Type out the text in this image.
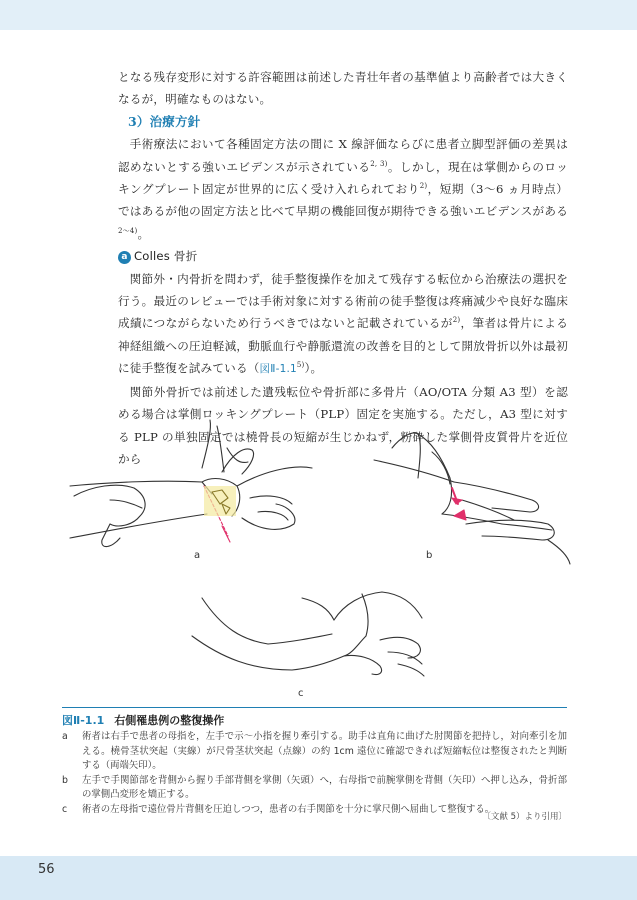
となる残存変形に対する許容範囲は前述した青壮年者の基準値より高齢者では大きくなるが，明確なものはない。

3）治療方針

手術療法において各種固定方法の間に X 線評価ならびに患者立脚型評価の差異は認めないとする強いエビデンスが示されている$^{2, 3)}$。しかし，現在は掌側からのロッキングプレート固定が世界的に広く受け入れられており$^{2)}$，短期（3〜6 ヵ月時点）ではあるが他の固定方法と比べて早期の機能回復が期待できる強いエビデンスがある$^{2〜4)}$。

a Colles 骨折

関節外・内骨折を問わず，徒手整復操作を加えて残存する転位から治療法の選択を行う。最近のレビューでは手術対象に対する術前の徒手整復は疼痛減少や良好な臨床成績につながらないため行うべきではないと記載されているが$^{2)}$，筆者は骨片による神経組織への圧迫軽減，動脈血行や静脈還流の改善を目的として開放骨折以外は最初に徒手整復を試みている（図Ⅱ-1.1$^{5)}$）。

関節外骨折では前述した遺残転位や骨折部に多骨片（AO/OTA 分類 A3 型）を認める場合は掌側ロッキングプレート（PLP）固定を実施する。ただし，A3 型に対する PLP の単独固定では橈骨長の短縮が生じかねず，粉砕した掌側骨皮質骨片を近位から

a	b
c
図Ⅱ-1.1 右側罹患例の整復操作
a	術者は右手で患者の母指を，左手で示〜小指を握り牽引する。助手は直角に曲げた肘関節を把持し，対向牽引を加える。橈骨茎状突起（実線）が尺骨茎状突起（点線）の約 1cm 遠位に確認できれば短縮転位は整復されたと判断する（両端矢印）。
b	左手で手関節部を背側から握り手部背側を掌側（矢頭）へ，右母指で前腕掌側を背側（矢印）へ押し込み，骨折部の掌側凸変形を矯正する。
c	術者の左母指で遠位骨片背側を圧迫しつつ，患者の右手関節を十分に掌尺側へ屈曲して整復する。
〔文献 5）より引用〕
56
